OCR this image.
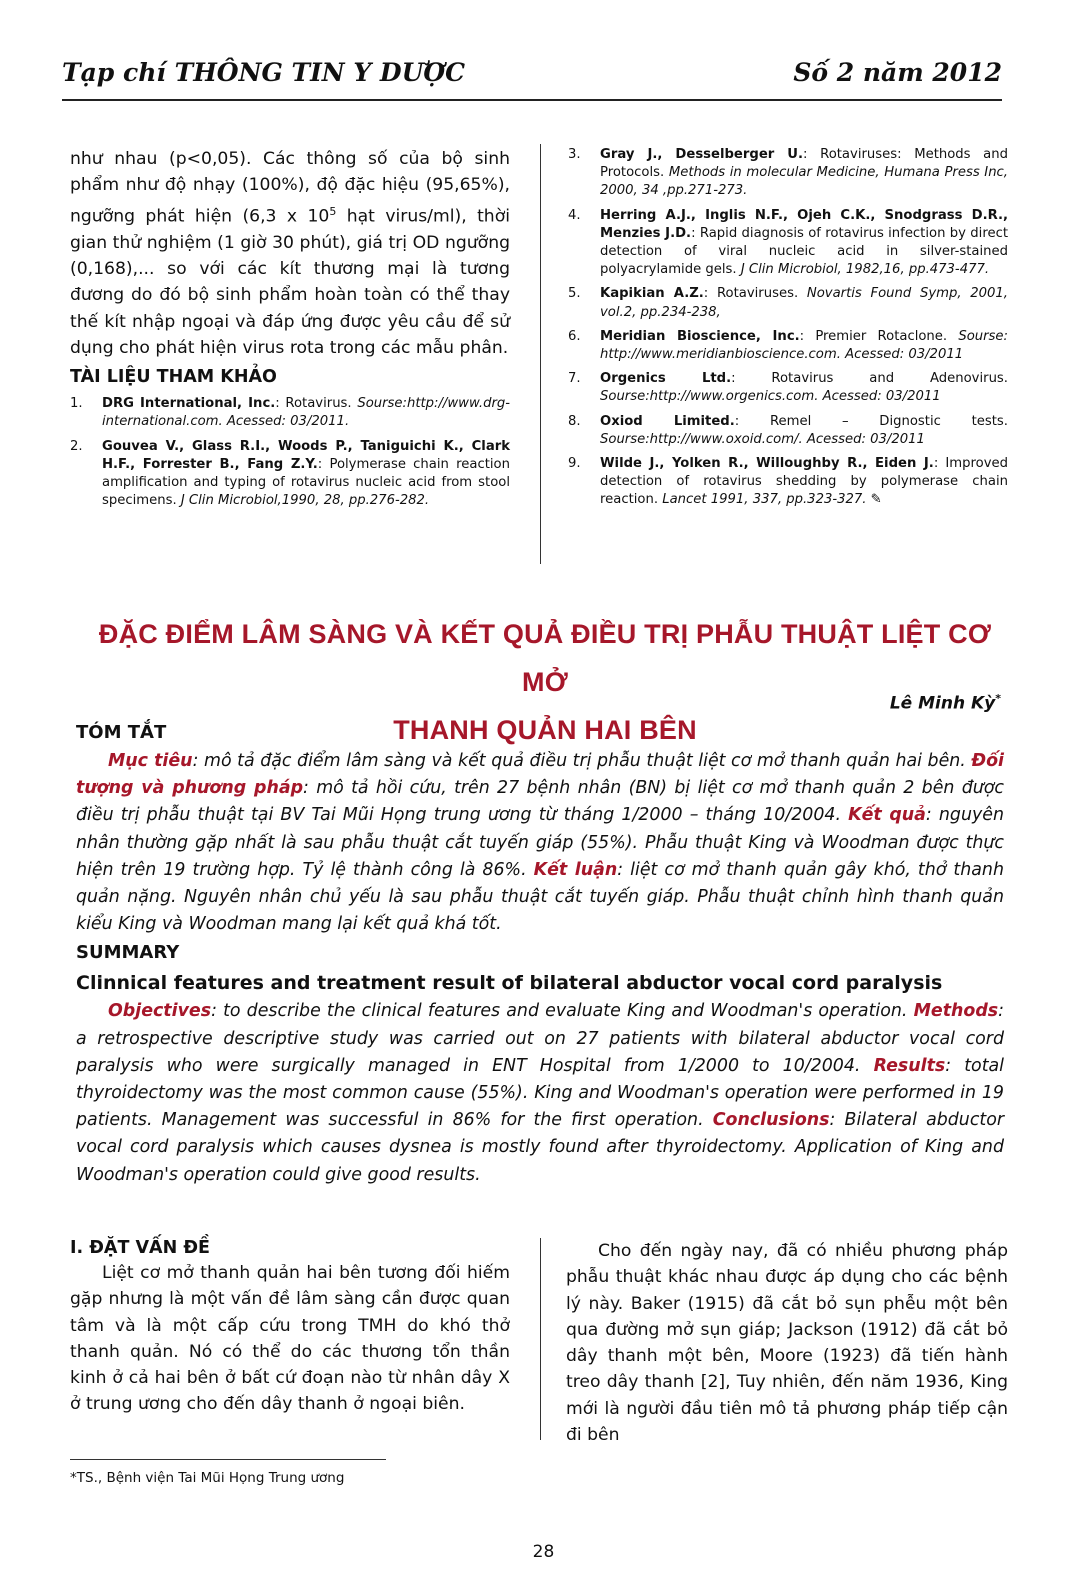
Tạp chí THÔNG TIN Y DƯỢC	Số 2 năm 2012

như nhau (p<0,05). Các thông số của bộ sinh phẩm như độ nhạy (100%), độ đặc hiệu (95,65%), ngưỡng phát hiện (6,3 x $10^5$ hạt virus/ml), thời gian thử nghiệm (1 giờ 30 phút), giá trị OD ngưỡng (0,168),... so với các kít thương mại là tương đương do đó bộ sinh phẩm hoàn toàn có thể thay thế kít nhập ngoại và đáp ứng được yêu cầu để sử dụng cho phát hiện virus rota trong các mẫu phân.

TÀI LIỆU THAM KHẢO
1. DRG International, Inc.: Rotavirus. Sourse:http://www.drg-international.com. Acessed: 03/2011.
2. Gouvea V., Glass R.I., Woods P., Taniguichi K., Clark H.F., Forrester B., Fang Z.Y.: Polymerase chain reaction amplification and typing of rotavirus nucleic acid from stool specimens. J Clin Microbiol,1990, 28, pp.276-282.
3. Gray J., Desselberger U.: Rotaviruses: Methods and Protocols. Methods in molecular Medicine, Humana Press Inc, 2000, 34 ,pp.271-273.
4. Herring A.J., Inglis N.F., Ojeh C.K., Snodgrass D.R., Menzies J.D.: Rapid diagnosis of rotavirus infection by direct detection of viral nucleic acid in silver-stained polyacrylamide gels. J Clin Microbiol, 1982,16, pp.473-477.
5. Kapikian A.Z.: Rotaviruses. Novartis Found Symp, 2001, vol.2, pp.234-238,
6. Meridian Bioscience, Inc.: Premier Rotaclone. Sourse: http://www.meridianbioscience.com. Acessed: 03/2011
7. Orgenics Ltd.: Rotavirus and Adenovirus. Sourse:http://www.orgenics.com. Acessed: 03/2011
8. Oxiod Limited.: Remel – Dignostic tests. Sourse:http://www.oxoid.com/. Acessed: 03/2011
9. Wilde J., Yolken R., Willoughby R., Eiden J.: Improved detection of rotavirus shedding by polymerase chain reaction. Lancet 1991, 337, pp.323-327. ✎
ĐẶC ĐIỂM LÂM SÀNG VÀ KẾT QUẢ ĐIỀU TRỊ PHẪU THUẬT LIỆT CƠ MỞ
THANH QUẢN HAI BÊN
Lê Minh Kỳ*
TÓM TẮT

Mục tiêu: mô tả đặc điểm lâm sàng và kết quả điều trị phẫu thuật liệt cơ mở thanh quản hai bên. Đối tượng và phương pháp: mô tả hồi cứu, trên 27 bệnh nhân (BN) bị liệt cơ mở thanh quản 2 bên được điều trị phẫu thuật tại BV Tai Mũi Họng trung ương từ tháng 1/2000 – tháng 10/2004. Kết quả: nguyên nhân thường gặp nhất là sau phẫu thuật cắt tuyến giáp (55%). Phẫu thuật King và Woodman được thực hiện trên 19 trường hợp. Tỷ lệ thành công là 86%. Kết luận: liệt cơ mở thanh quản gây khó, thở thanh quản nặng. Nguyên nhân chủ yếu là sau phẫu thuật cắt tuyến giáp. Phẫu thuật chỉnh hình thanh quản kiểu King và Woodman mang lại kết quả khá tốt.

SUMMARY
Clinnical features and treatment result of bilateral abductor vocal cord paralysis

Objectives: to describe the clinical features and evaluate King and Woodman's operation. Methods: a retrospective descriptive study was carried out on 27 patients with bilateral abductor vocal cord paralysis who were surgically managed in ENT Hospital from 1/2000 to 10/2004. Results: total thyroidectomy was the most common cause (55%). King and Woodman's operation were performed in 19 patients. Management was successful in 86% for the first operation. Conclusions: Bilateral abductor vocal cord paralysis which causes dysnea is mostly found after thyroidectomy. Application of King and Woodman's operation could give good results.

I. ĐẶT VẤN ĐỀ

Liệt cơ mở thanh quản hai bên tương đối hiếm gặp nhưng là một vấn đề lâm sàng cần được quan tâm và là một cấp cứu trong TMH do khó thở thanh quản. Nó có thể do các thương tổn thần kinh ở cả hai bên ở bất cứ đoạn nào từ nhân dây X ở trung ương cho đến dây thanh ở ngoại biên.

Cho đến ngày nay, đã có nhiều phương pháp phẫu thuật khác nhau được áp dụng cho các bệnh lý này. Baker (1915) đã cắt bỏ sụn phễu một bên qua đường mở sụn giáp; Jackson (1912) đã cắt bỏ dây thanh một bên, Moore (1923) đã tiến hành treo dây thanh [2], Tuy nhiên, đến năm 1936, King mới là người đầu tiên mô tả phương pháp tiếp cận đi bên

*TS., Bệnh viện Tai Mũi Họng Trung ương
28
